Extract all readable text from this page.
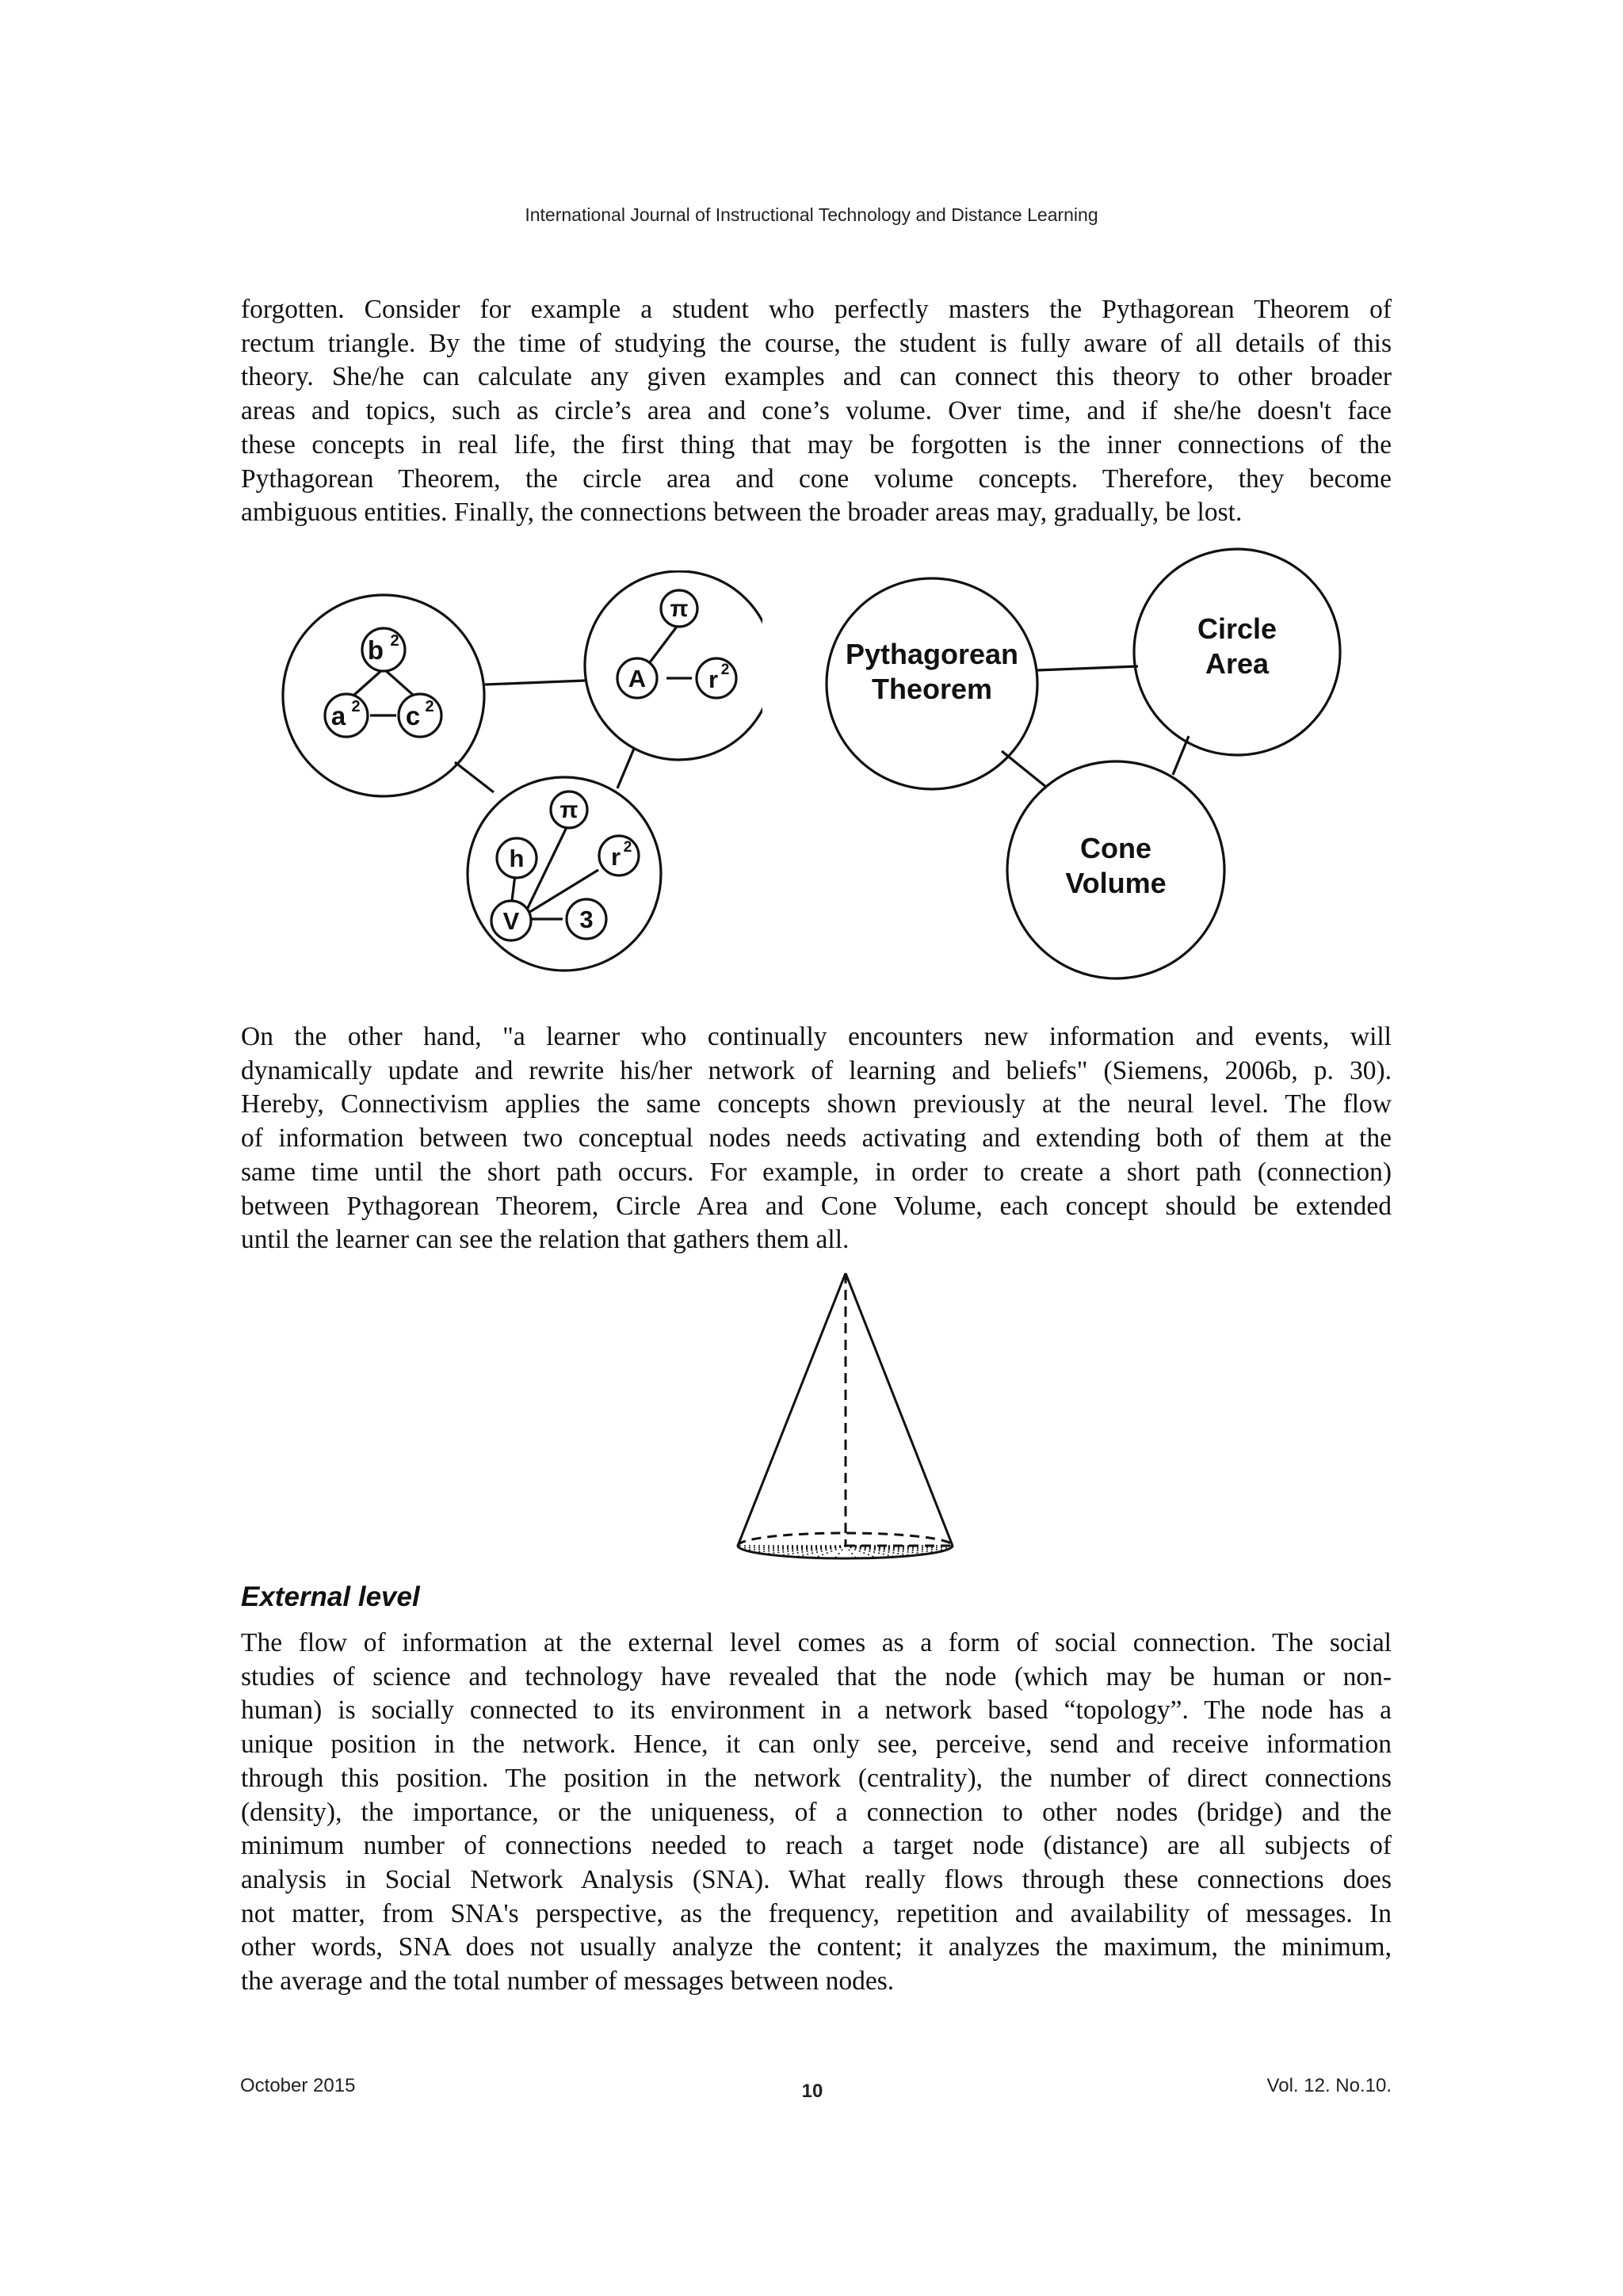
International Journal of Instructional Technology and Distance Learning
forgotten. Consider for example a student who perfectly masters the Pythagorean Theorem of
rectum triangle. By the time of studying the course, the student is fully aware of all details of this
theory. She/he can calculate any given examples and can connect this theory to other broader
areas and topics, such as circle’s area and cone’s volume. Over time, and if she/he doesn't face
these concepts in real life, the first thing that may be forgotten is the inner connections of the
Pythagorean Theorem, the circle area and cone volume concepts. Therefore, they become
ambiguous entities. Finally, the connections between the broader areas may, gradually, be lost.
b 2
a 2 c 2
π
A	r 2
π
h	r 2
V 3
Pythagorean
Theorem
Circle
Area
Cone
Volume
On the other hand, "a learner who continually encounters new information and events, will
dynamically update and rewrite his/her network of learning and beliefs" (Siemens, 2006b, p. 30).
Hereby, Connectivism applies the same concepts shown previously at the neural level. The flow
of information between two conceptual nodes needs activating and extending both of them at the
same time until the short path occurs. For example, in order to create a short path (connection)
between Pythagorean Theorem, Circle Area and Cone Volume, each concept should be extended
until the learner can see the relation that gathers them all.
External level
The flow of information at the external level comes as a form of social connection. The social
studies of science and technology have revealed that the node (which may be human or non-
human) is socially connected to its environment in a network based “topology”. The node has a
unique position in the network. Hence, it can only see, perceive, send and receive information
through this position. The position in the network (centrality), the number of direct connections
(density), the importance, or the uniqueness, of a connection to other nodes (bridge) and the
minimum number of connections needed to reach a target node (distance) are all subjects of
analysis in Social Network Analysis (SNA). What really flows through these connections does
not matter, from SNA's perspective, as the frequency, repetition and availability of messages. In
other words, SNA does not usually analyze the content; it analyzes the maximum, the minimum,
the average and the total number of messages between nodes.
October 2015	10	Vol. 12. No.10.
